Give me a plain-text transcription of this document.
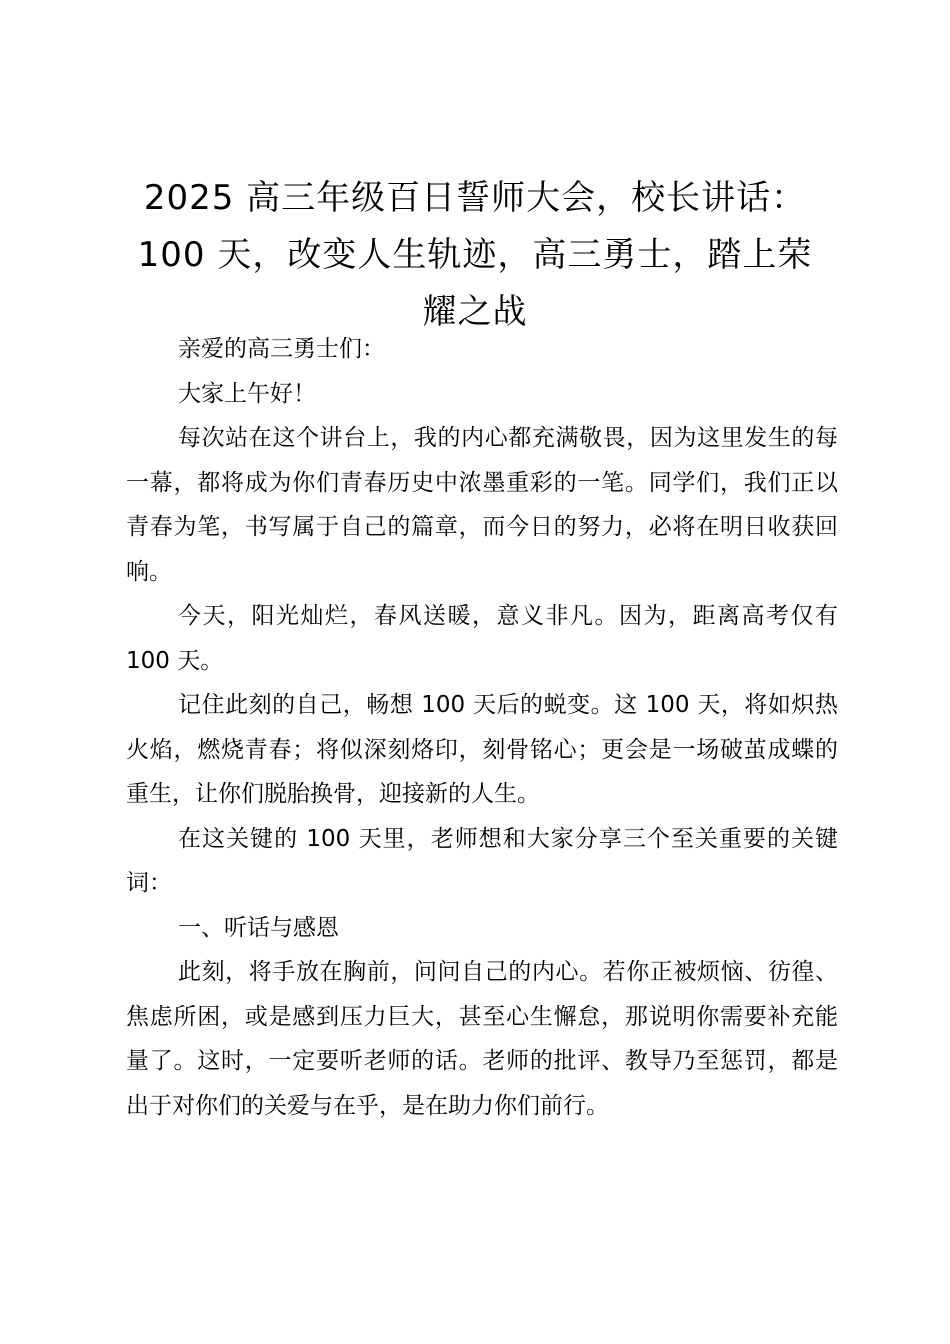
2025 高三年级百日誓师大会，校长讲话：
100 天，改变人生轨迹，高三勇士，踏上荣
耀之战

亲爱的高三勇士们：

大家上午好！

每次站在这个讲台上，我的内心都充满敬畏，因为这里发生的每一幕，都将成为你们青春历史中浓墨重彩的一笔。同学们，我们正以青春为笔，书写属于自己的篇章，而今日的努力，必将在明日收获回响。

今天，阳光灿烂，春风送暖，意义非凡。因为，距离高考仅有 100 天。

记住此刻的自己，畅想 100 天后的蜕变。这 100 天，将如炽热火焰，燃烧青春；将似深刻烙印，刻骨铭心；更会是一场破茧成蝶的重生，让你们脱胎换骨，迎接新的人生。

在这关键的 100 天里，老师想和大家分享三个至关重要的关键词：

一、听话与感恩

此刻，将手放在胸前，问问自己的内心。若你正被烦恼、彷徨、焦虑所困，或是感到压力巨大，甚至心生懈怠，那说明你需要补充能量了。这时，一定要听老师的话。老师的批评、教导乃至惩罚，都是出于对你们的关爱与在乎，是在助力你们前行。
